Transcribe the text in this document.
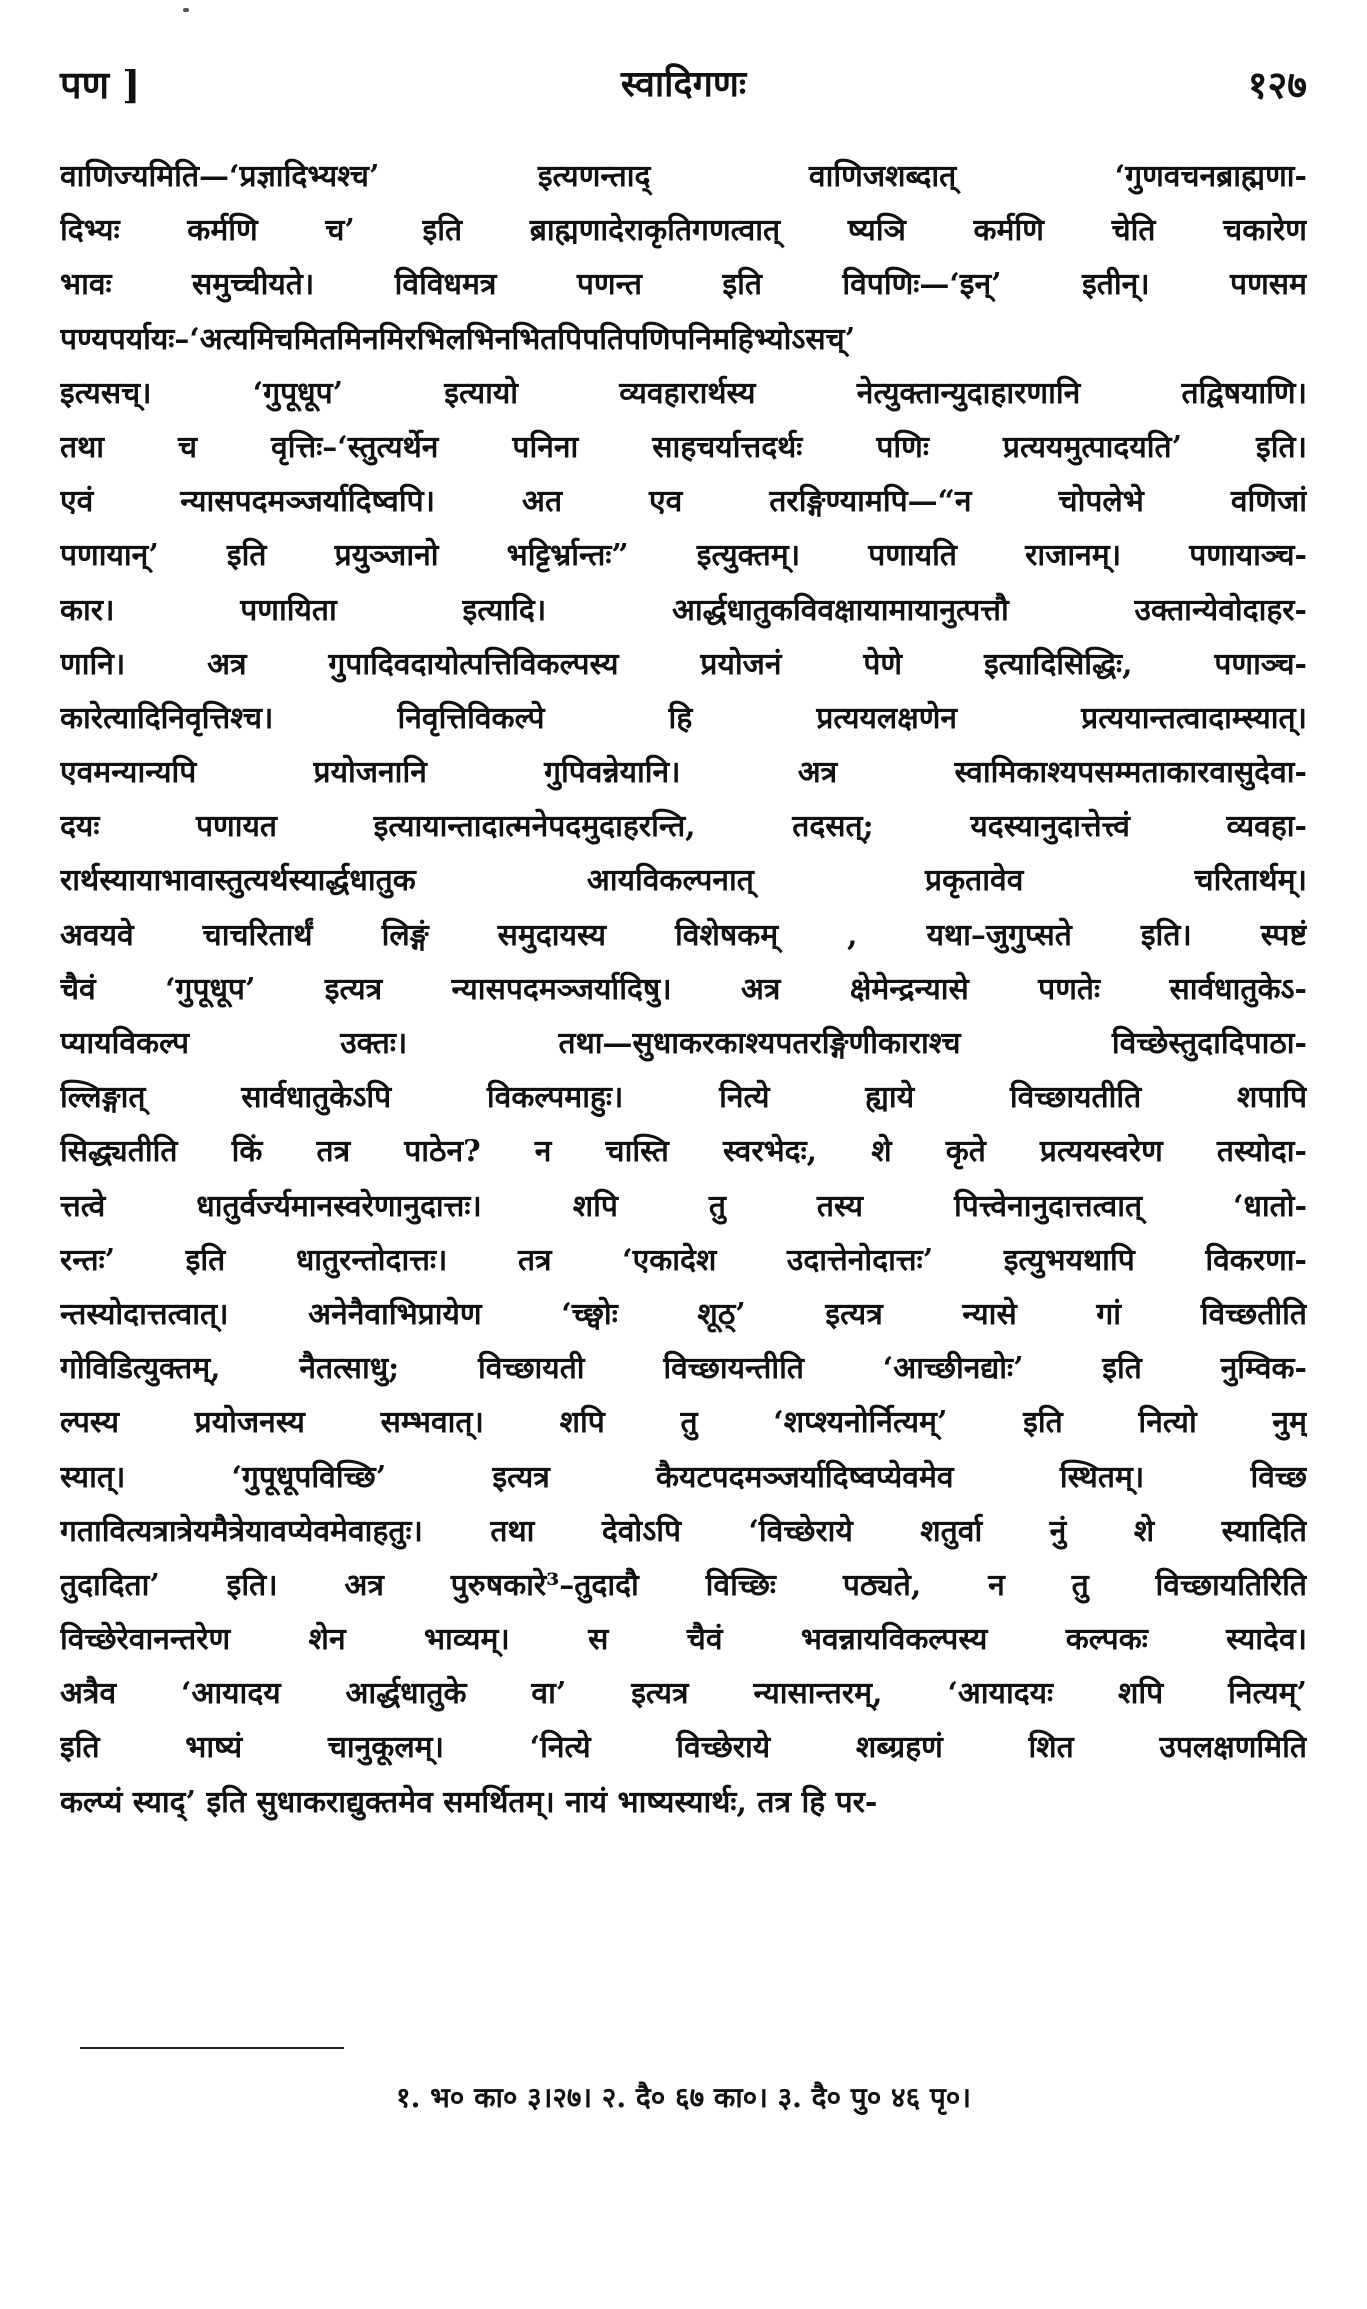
पण ]	स्वादिगणः	१२७
वाणिज्यमिति—‘प्रज्ञादिभ्यश्च’ इत्यणन्ताद् वाणिजशब्दात् ‘गुणवचनब्राह्मणा-
दिभ्यः कर्मणि च’ इति ब्राह्मणादेराकृतिगणत्वात् ष्यञि कर्मणि चेति चकारेण
भावः समुच्चीयते। विविधमत्र पणन्त इति विपणिः—‘इन्’ इतीन्। पणसम
पण्यपर्यायः–‘अत्यमिचमितमिनमिरभिलभिनभितपिपतिपणिपनिमहिभ्योऽसच्’
इत्यसच्। ‘गुपूधूप’ इत्यायो व्यवहारार्थस्य नेत्युक्तान्युदाहारणानि तद्विषयाणि।
तथा च वृत्तिः–‘स्तुत्यर्थेन पनिना साहचर्यात्तदर्थः पणिः प्रत्ययमुत्पादयति’ इति।
एवं न्यासपदमञ्जर्यादिष्वपि। अत एव तरङ्गिण्यामपि—“न चोपलेभे वणिजां
पणायान्’ इति प्रयुञ्जानो भट्टिर्भ्रान्तः” इत्युक्तम्। पणायति राजानम्। पणायाञ्च-
कार। पणायिता इत्यादि। आर्द्धधातुकविवक्षायामायानुत्पत्तौ उक्तान्येवोदाहर-
णानि। अत्र गुपादिवदायोत्पत्तिविकल्पस्य प्रयोजनं पेणे इत्यादिसिद्धिः, पणाञ्च-
कारेत्यादिनिवृत्तिश्च। निवृत्तिविकल्पे हि प्रत्ययलक्षणेन प्रत्ययान्तत्वादाम्स्यात्।
एवमन्यान्यपि प्रयोजनानि गुपिवन्नेयानि। अत्र स्वामिकाश्यपसम्मताकारवासुदेवा-
दयः पणायत इत्यायान्तादात्मनेपदमुदाहरन्ति, तदसत्; यदस्यानुदात्तेत्त्वं व्यवहा-
रार्थस्यायाभावास्तुत्यर्थस्यार्द्धधातुक आयविकल्पनात् प्रकृतावेव चरितार्थम्।
अवयवे चाचरितार्थं लिङ्गं समुदायस्य विशेषकम् , यथा–जुगुप्सते इति। स्पष्टं
चैवं ‘गुपूधूप’ इत्यत्र न्यासपदमञ्जर्यादिषु। अत्र क्षेमेन्द्रन्यासे पणतेः सार्वधातुकेऽ-
प्यायविकल्प उक्तः। तथा—सुधाकरकाश्यपतरङ्गिणीकाराश्च विच्छेस्तुदादिपाठा-
ल्लिङ्गात् सार्वधातुकेऽपि विकल्पमाहुः। नित्ये ह्याये विच्छायतीति शपापि
सिद्ध्यतीति किं तत्र पाठेन? न चास्ति स्वरभेदः, शे कृते प्रत्ययस्वरेण तस्योदा-
त्तत्वे धातुर्वर्ज्यमानस्वरेणानुदात्तः। शपि तु तस्य पित्त्वेनानुदात्तत्वात् ‘धातो-
रन्तः’ इति धातुरन्तोदात्तः। तत्र ‘एकादेश उदात्तेनोदात्तः’ इत्युभयथापि विकरणा-
न्तस्योदात्तत्वात्। अनेनैवाभिप्रायेण ‘च्छ्वोः शूठ्’ इत्यत्र न्यासे गां विच्छतीति
गोविडित्युक्तम्, नैतत्साधु; विच्छायती विच्छायन्तीति ‘आच्छीनद्योः’ इति नुम्विक-
ल्पस्य प्रयोजनस्य सम्भवात्। शपि तु ‘शप्श्यनोर्नित्यम्’ इति नित्यो नुम्
स्यात्। ‘गुपूधूपविच्छि’ इत्यत्र कैयटपदमञ्जर्यादिष्वप्येवमेव स्थितम्। विच्छ
गतावित्यत्रात्रेयमैत्रेयावप्येवमेवाहतुः। तथा देवोऽपि ‘विच्छेराये शतुर्वा नुं शे स्यादिति
तुदादिता’ इति। अत्र पुरुषकारे³–तुदादौ विच्छिः पठ्यते, न तु विच्छायतिरिति
विच्छेरेवानन्तरेण शेन भाव्यम्। स चैवं भवन्नायविकल्पस्य कल्पकः स्यादेव।
अत्रैव ‘आयादय आर्द्धधातुके वा’ इत्यत्र न्यासान्तरम्, ‘आयादयः शपि नित्यम्’
इति भाष्यं चानुकूलम्। ‘नित्ये विच्छेराये शब्ग्रहणं शित उपलक्षणमिति
कल्प्यं स्याद्’ इति सुधाकराद्युक्तमेव समर्थितम्। नायं भाष्यस्यार्थः, तत्र हि पर-
१. भ० का० ३।२७। २. दै० ६७ का०। ३. दै० पु० ४६ पृ०।
